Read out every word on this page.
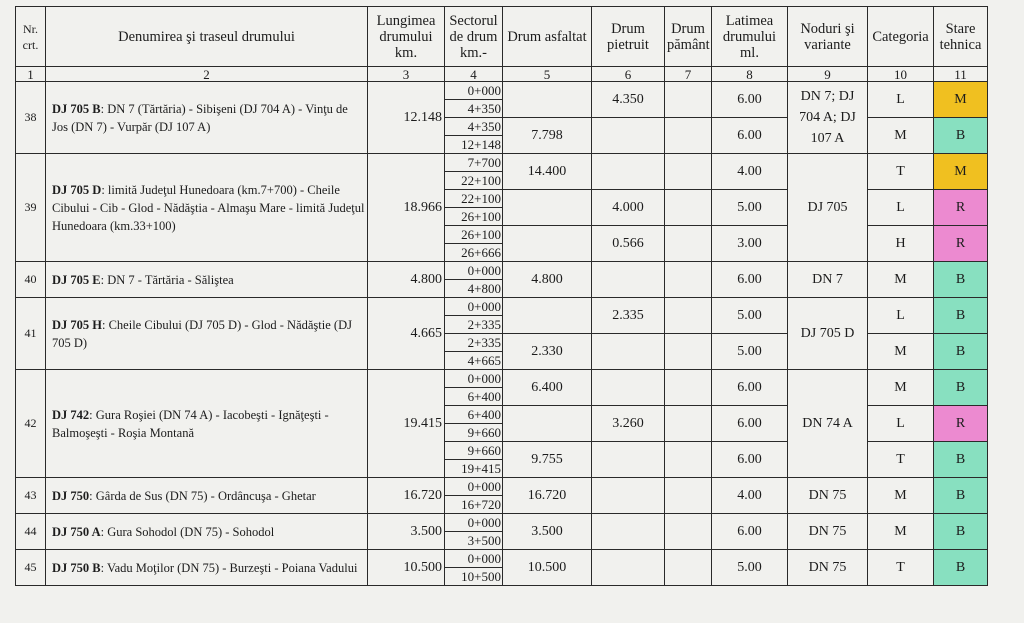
Nr. crt.	Denumirea şi traseul drumului	Lungimea drumului km.	Sectorul de drum km.-	Drum asfaltat	Drum pietruit	Drum pământ	Latimea drumului ml.	Noduri şi variante	Categoria	Stare tehnica
1	2	3	4	5	6	7	8	9	10	11
38	DJ 705 B: DN 7 (Tărtăria) - Sibişeni (DJ 704 A) - Vinţu de Jos (DN 7) - Vurpăr (DJ 107 A)	12.148	0+000		4.350		6.00	DN 7; DJ 704 A; DJ 107 A	L	M
			4+350							
			4+350	7.798			6.00		M	B
			12+148							
39	DJ 705 D: limită Judeţul Hunedoara (km.7+700) - Cheile Cibului - Cib - Glod - Nădăştia - Almaşu Mare - limită Judeţul Hunedoara (km.33+100)	18.966	7+700	14.400			4.00	DJ 705	T	M
			22+100							
			22+100		4.000		5.00		L	R
			26+100							
			26+100		0.566		3.00		H	R
			26+666							
40	DJ 705 E: DN 7 - Tărtăria - Săliştea	4.800	0+000	4.800			6.00	DN 7	M	B
			4+800							
41	DJ 705 H: Cheile Cibului (DJ 705 D) - Glod - Nădăştie (DJ 705 D)	4.665	0+000		2.335		5.00	DJ 705 D	L	B
			2+335							
			2+335	2.330			5.00		M	B
			4+665							
42	DJ 742: Gura Roşiei (DN 74 A) - Iacobeşti - Ignăţeşti - Balmoşeşti - Roşia Montană	19.415	0+000	6.400			6.00	DN 74 A	M	B
			6+400							
			6+400		3.260		6.00		L	R
			9+660							
			9+660	9.755			6.00		T	B
			19+415							
43	DJ 750: Gârda de Sus (DN 75) - Ordâncuşa - Ghetar	16.720	0+000	16.720			4.00	DN 75	M	B
			16+720							
44	DJ 750 A: Gura Sohodol (DN 75) - Sohodol	3.500	0+000	3.500			6.00	DN 75	M	B
			3+500							
45	DJ 750 B: Vadu Moţilor (DN 75) - Burzeşti - Poiana Vadului	10.500	0+000	10.500			5.00	DN 75	T	B
			10+500							
